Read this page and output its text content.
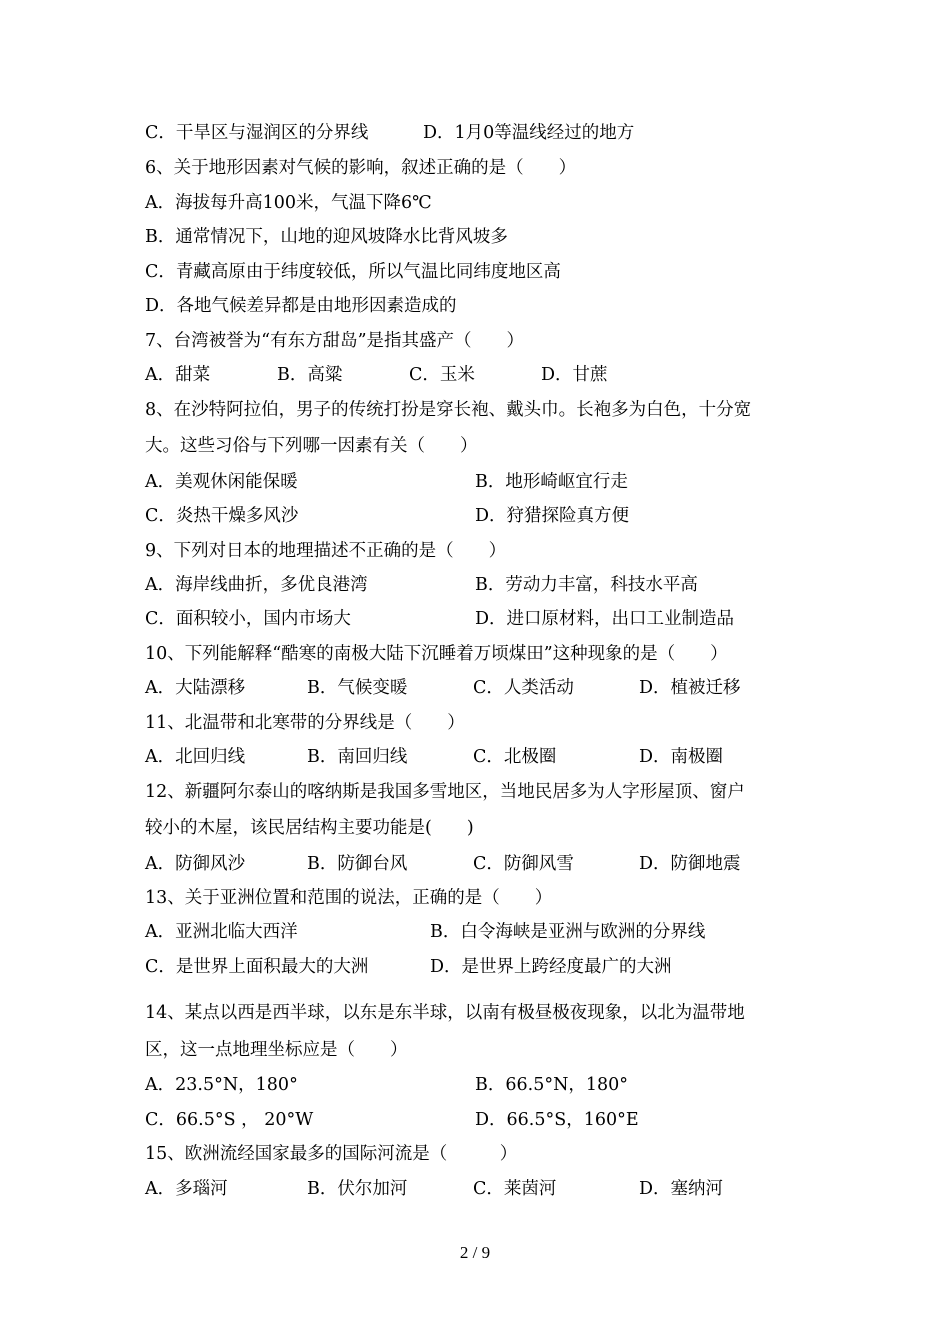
C．干旱区与湿润区的分界线	D．1月0等温线经过的地方
6、关于地形因素对气候的影响，叙述正确的是（　　）
A．海拔每升高100米，气温下降6℃
B．通常情况下，山地的迎风坡降水比背风坡多
C．青藏高原由于纬度较低，所以气温比同纬度地区高
D．各地气候差异都是由地形因素造成的
7、台湾被誉为“有东方甜岛”是指其盛产（　　）
A．甜菜	B．高粱	C．玉米	D．甘蔗
8、在沙特阿拉伯，男子的传统打扮是穿长袍、戴头巾。长袍多为白色，十分宽
大。这些习俗与下列哪一因素有关（　　）
A．美观休闲能保暖	B．地形崎岖宜行走
C．炎热干燥多风沙	D．狩猎探险真方便
9、下列对日本的地理描述不正确的是（　　）
A．海岸线曲折，多优良港湾	B．劳动力丰富，科技水平高
C．面积较小，国内市场大	D．进口原材料，出口工业制造品
10、下列能解释“酷寒的南极大陆下沉睡着万顷煤田”这种现象的是（　　）
A．大陆漂移	B．气候变暖	C．人类活动	D．植被迁移
11、北温带和北寒带的分界线是（　　）
A．北回归线	B．南回归线	C．北极圈	D．南极圈
12、新疆阿尔泰山的喀纳斯是我国多雪地区，当地民居多为人字形屋顶、窗户
较小的木屋，该民居结构主要功能是(　　)
A．防御风沙	B．防御台风	C．防御风雪	D．防御地震
13、关于亚洲位置和范围的说法，正确的是（　　）
A．亚洲北临大西洋	B．白令海峡是亚洲与欧洲的分界线
C．是世界上面积最大的大洲	D．是世界上跨经度最广的大洲
14、某点以西是西半球，以东是东半球，以南有极昼极夜现象，以北为温带地
区，这一点地理坐标应是（　　）
A．23.5°N，180°	B．66.5°N，180°
C．66.5°S ， 20°W	D．66.5°S，160°E
15、欧洲流经国家最多的国际河流是（　　　）
A．多瑙河	B．伏尔加河	C．莱茵河	D．塞纳河
2 / 9
